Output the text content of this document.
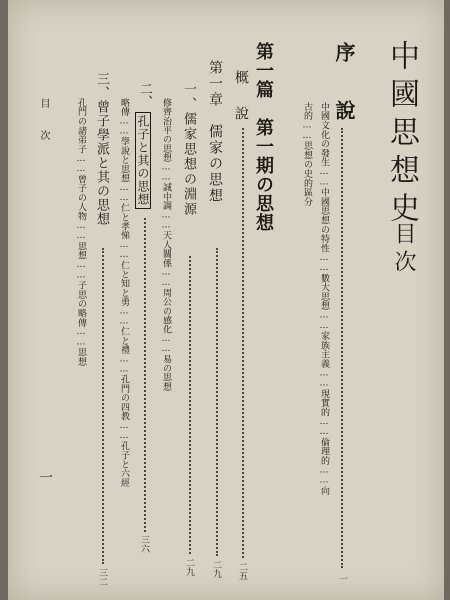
中國思想史
目次
序說
中國文化の發生……中國思想の特性……數大思想……家族主義……現實的……倫理的……向
古的……思想の史的區分
一
第一篇　第一期の思想
概說
二五
第一章　儒家の思想
二九
一、儒家思想の淵源
二九
修齊治平の思想……誠中調……天人關係……周公の感化……易の思想
二、
孔子と其の思想
三六
略傳……學說と思想……仁と孝悌……仁と知と勇……仁と禮……孔門の四教……孔子と六經
三、曾子學派と其の思想
三二
孔門の諸弟子……曾子の人物……思想……子思の略傳……思想
目次
一
